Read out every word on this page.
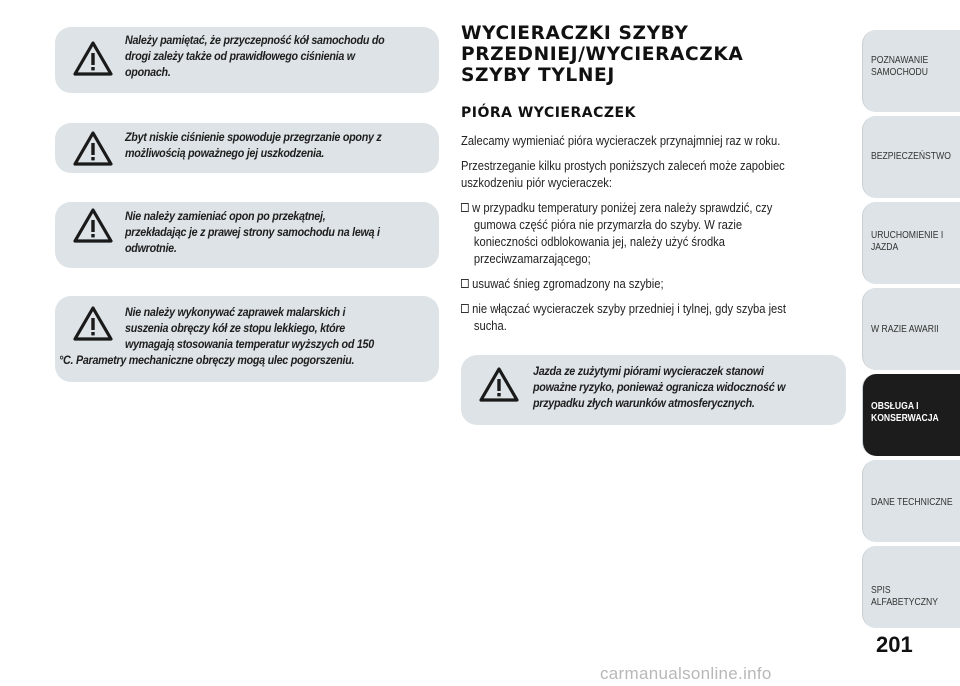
Należy pamiętać, że przyczepność kół samochodu do
drogi zależy także od prawidłowego ciśnienia w
oponach.
Zbyt niskie ciśnienie spowoduje przegrzanie opony z
możliwością poważnego jej uszkodzenia.
Nie należy zamieniać opon po przekątnej,
przekładając je z prawej strony samochodu na lewą i
odwrotnie.
Nie należy wykonywać zaprawek malarskich i
suszenia obręczy kół ze stopu lekkiego, które
wymagają stosowania temperatur wyższych od 150
°C. Parametry mechaniczne obręczy mogą ulec pogorszeniu.
WYCIERACZKI SZYBY
PRZEDNIEJ/WYCIERACZKA
SZYBY TYLNEJ
PIÓRA WYCIERACZEK
Zalecamy wymieniać pióra wycieraczek przynajmniej raz w roku.
Przestrzeganie kilku prostych poniższych zaleceń może zapobiec
uszkodzeniu piór wycieraczek:
w przypadku temperatury poniżej zera należy sprawdzić, czy
gumowa część pióra nie przymarzła do szyby. W razie
konieczności odblokowania jej, należy użyć środka
przeciwzamarzającego;
usuwać śnieg zgromadzony na szybie;
nie włączać wycieraczek szyby przedniej i tylnej, gdy szyba jest
sucha.
Jazda ze zużytymi piórami wycieraczek stanowi
poważne ryzyko, ponieważ ogranicza widoczność w
przypadku złych warunków atmosferycznych.
POZNAWANIE
SAMOCHODU
BEZPIECZEŃSTWO
URUCHOMIENIE I
JAZDA
W RAZIE AWARII
OBSŁUGA I
KONSERWACJA
DANE TECHNICZNE
SPIS ALFABETYCZNY
201
carmanualsonline.info
